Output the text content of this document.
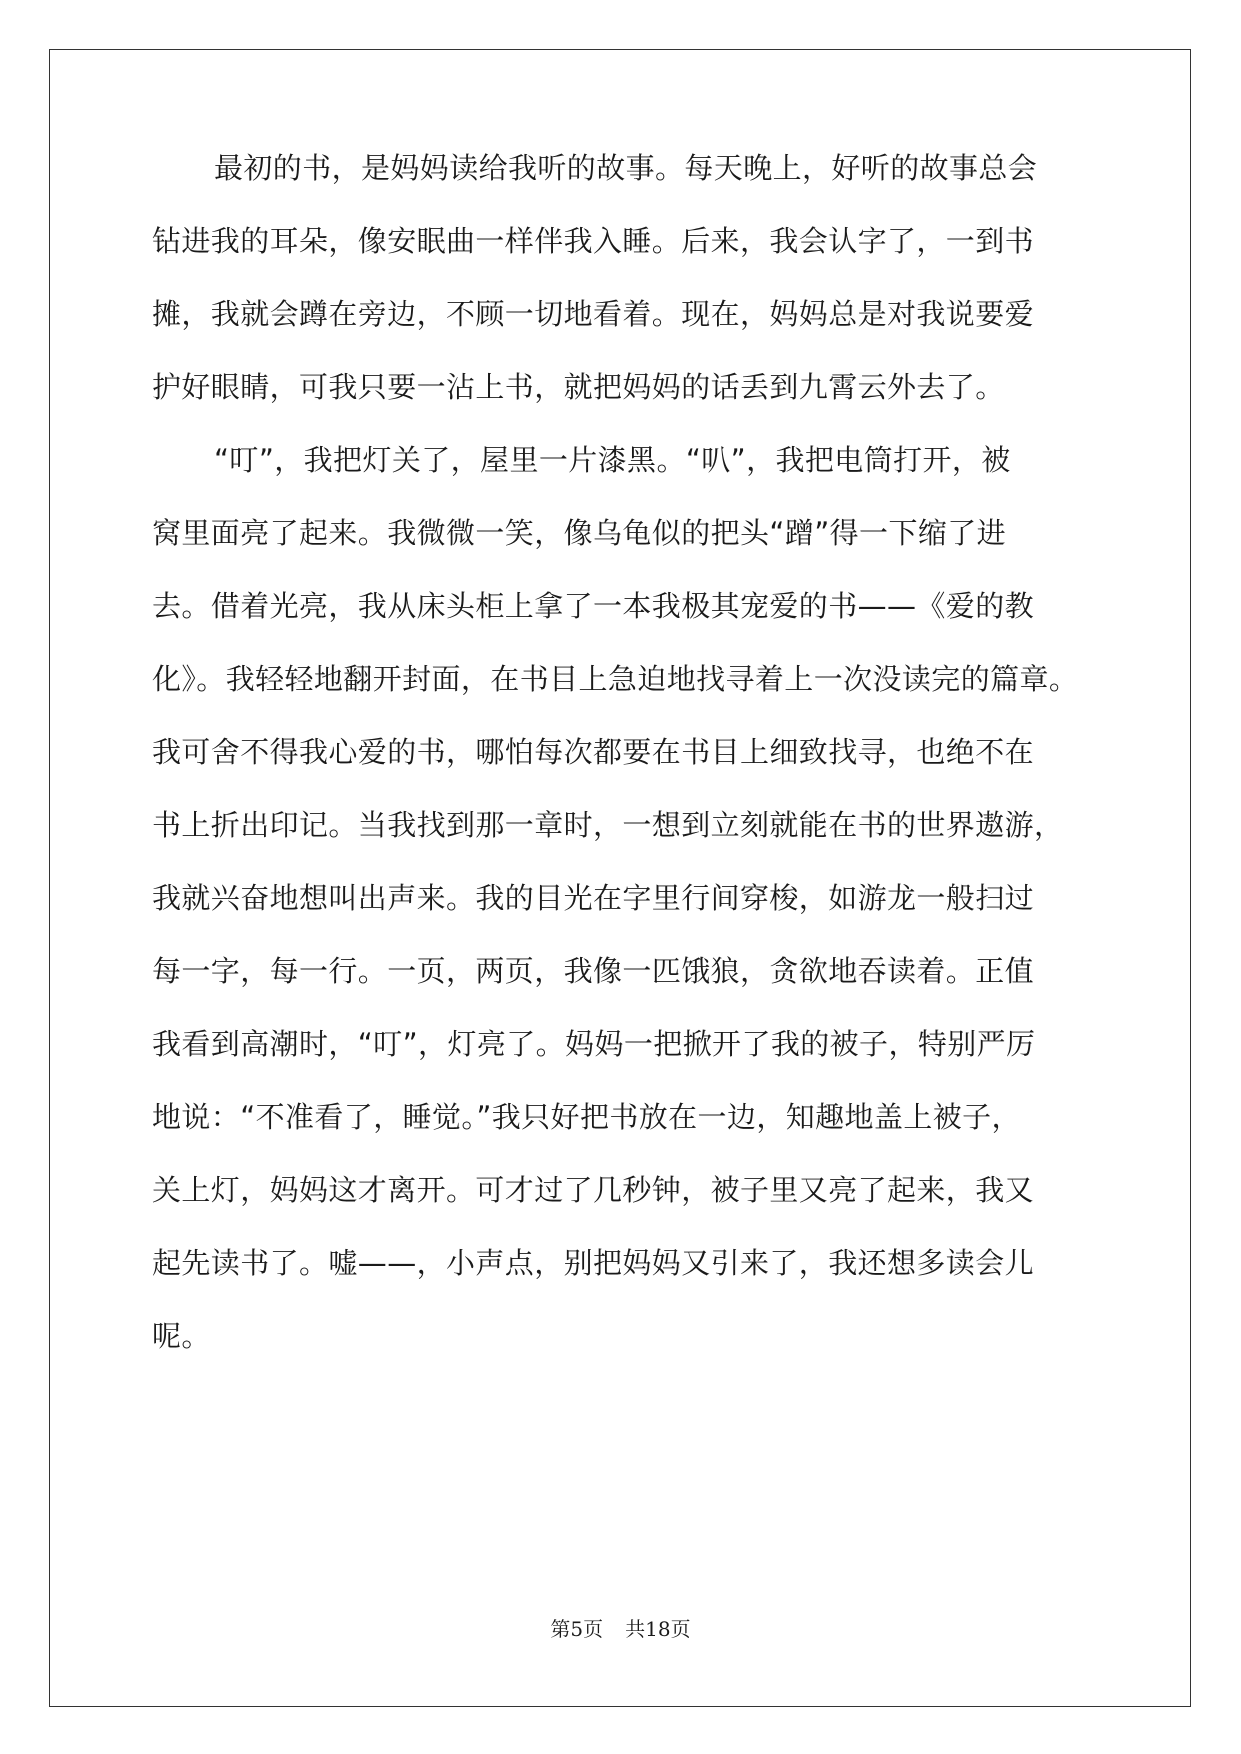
最初的书，是妈妈读给我听的故事。每天晚上，好听的故事总会
钻进我的耳朵，像安眠曲一样伴我入睡。后来，我会认字了，一到书
摊，我就会蹲在旁边，不顾一切地看着。现在，妈妈总是对我说要爱
护好眼睛，可我只要一沾上书，就把妈妈的话丢到九霄云外去了。
“叮”，我把灯关了，屋里一片漆黑。“叭”，我把电筒打开，被
窝里面亮了起来。我微微一笑，像乌龟似的把头“蹭”得一下缩了进
去。借着光亮，我从床头柜上拿了一本我极其宠爱的书——《爱的教
化》。我轻轻地翻开封面，在书目上急迫地找寻着上一次没读完的篇章。
我可舍不得我心爱的书，哪怕每次都要在书目上细致找寻，也绝不在
书上折出印记。当我找到那一章时，一想到立刻就能在书的世界遨游，
我就兴奋地想叫出声来。我的目光在字里行间穿梭，如游龙一般扫过
每一字，每一行。一页，两页，我像一匹饿狼，贪欲地吞读着。正值
我看到高潮时，“叮”，灯亮了。妈妈一把掀开了我的被子，特别严厉
地说：“不准看了，睡觉。”我只好把书放在一边，知趣地盖上被子，
关上灯，妈妈这才离开。可才过了几秒钟，被子里又亮了起来，我又
起先读书了。嘘——，小声点，别把妈妈又引来了，我还想多读会儿
呢。
第5页 共18页
